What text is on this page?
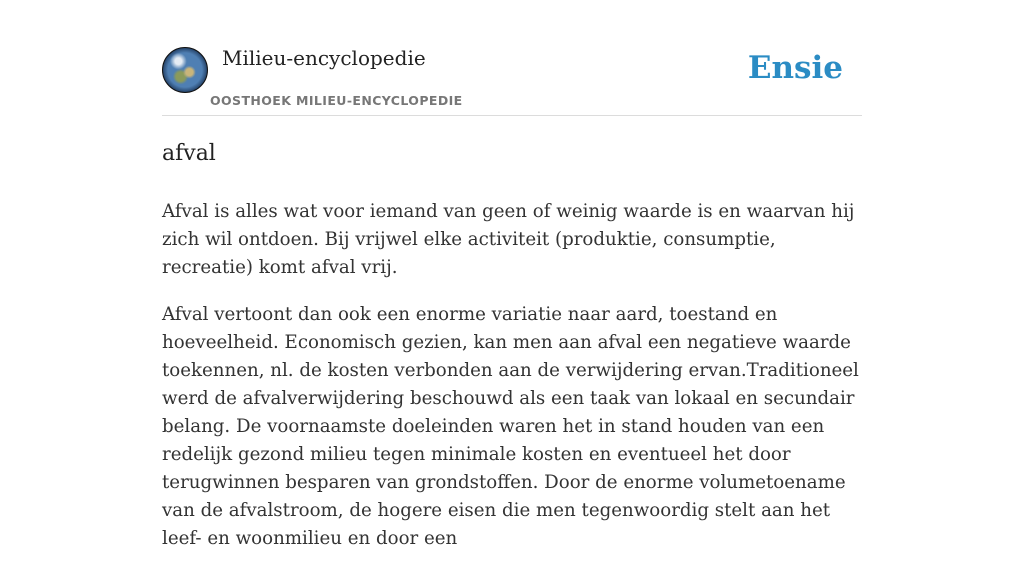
Milieu-encyclopedie
OOSTHOEK MILIEU-ENCYCLOPEDIE
Ensie
afval

Afval is alles wat voor iemand van geen of weinig waarde is en waarvan hij zich wil ontdoen. Bij vrijwel elke activiteit (produktie, consumptie, recreatie) komt afval vrij.

Afval vertoont dan ook een enorme variatie naar aard, toestand en hoeveelheid. Economisch gezien, kan men aan afval een negatieve waarde toekennen, nl. de kosten verbonden aan de verwijdering ervan.Traditioneel werd de afvalverwijdering beschouwd als een taak van lokaal en secundair belang. De voornaamste doeleinden waren het in stand houden van een redelijk gezond milieu tegen minimale kosten en eventueel het door terugwinnen besparen van grondstoffen. Door de enorme volumetoename van de afvalstroom, de hogere eisen die men tegenwoordig stelt aan het leef- en woonmilieu en door een
